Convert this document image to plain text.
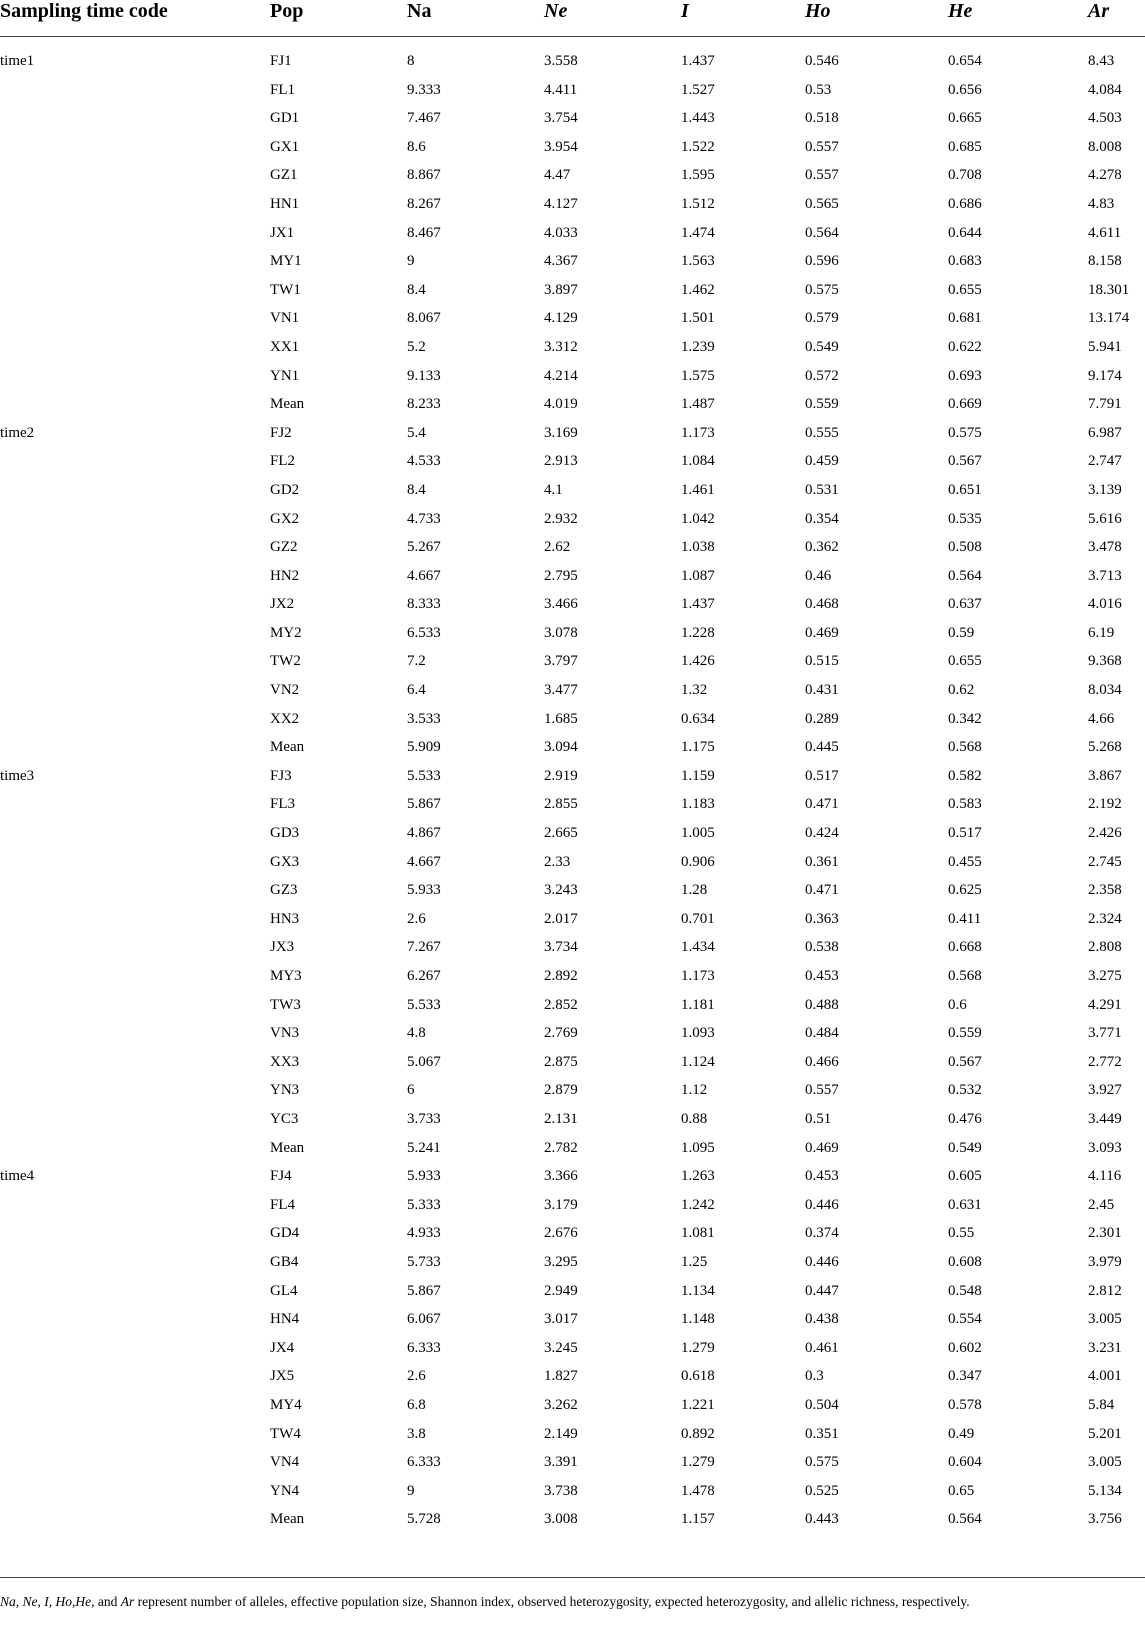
Sampling time code	Pop	Na	Ne	I	Ho	He	Ar
time1	FJ1	8	3.558	1.437	0.546	0.654	8.43
	FL1	9.333	4.411	1.527	0.53	0.656	4.084
	GD1	7.467	3.754	1.443	0.518	0.665	4.503
	GX1	8.6	3.954	1.522	0.557	0.685	8.008
	GZ1	8.867	4.47	1.595	0.557	0.708	4.278
	HN1	8.267	4.127	1.512	0.565	0.686	4.83
	JX1	8.467	4.033	1.474	0.564	0.644	4.611
	MY1	9	4.367	1.563	0.596	0.683	8.158
	TW1	8.4	3.897	1.462	0.575	0.655	18.301
	VN1	8.067	4.129	1.501	0.579	0.681	13.174
	XX1	5.2	3.312	1.239	0.549	0.622	5.941
	YN1	9.133	4.214	1.575	0.572	0.693	9.174
	Mean	8.233	4.019	1.487	0.559	0.669	7.791
time2	FJ2	5.4	3.169	1.173	0.555	0.575	6.987
	FL2	4.533	2.913	1.084	0.459	0.567	2.747
	GD2	8.4	4.1	1.461	0.531	0.651	3.139
	GX2	4.733	2.932	1.042	0.354	0.535	5.616
	GZ2	5.267	2.62	1.038	0.362	0.508	3.478
	HN2	4.667	2.795	1.087	0.46	0.564	3.713
	JX2	8.333	3.466	1.437	0.468	0.637	4.016
	MY2	6.533	3.078	1.228	0.469	0.59	6.19
	TW2	7.2	3.797	1.426	0.515	0.655	9.368
	VN2	6.4	3.477	1.32	0.431	0.62	8.034
	XX2	3.533	1.685	0.634	0.289	0.342	4.66
	Mean	5.909	3.094	1.175	0.445	0.568	5.268
time3	FJ3	5.533	2.919	1.159	0.517	0.582	3.867
	FL3	5.867	2.855	1.183	0.471	0.583	2.192
	GD3	4.867	2.665	1.005	0.424	0.517	2.426
	GX3	4.667	2.33	0.906	0.361	0.455	2.745
	GZ3	5.933	3.243	1.28	0.471	0.625	2.358
	HN3	2.6	2.017	0.701	0.363	0.411	2.324
	JX3	7.267	3.734	1.434	0.538	0.668	2.808
	MY3	6.267	2.892	1.173	0.453	0.568	3.275
	TW3	5.533	2.852	1.181	0.488	0.6	4.291
	VN3	4.8	2.769	1.093	0.484	0.559	3.771
	XX3	5.067	2.875	1.124	0.466	0.567	2.772
	YN3	6	2.879	1.12	0.557	0.532	3.927
	YC3	3.733	2.131	0.88	0.51	0.476	3.449
	Mean	5.241	2.782	1.095	0.469	0.549	3.093
time4	FJ4	5.933	3.366	1.263	0.453	0.605	4.116
	FL4	5.333	3.179	1.242	0.446	0.631	2.45
	GD4	4.933	2.676	1.081	0.374	0.55	2.301
	GB4	5.733	3.295	1.25	0.446	0.608	3.979
	GL4	5.867	2.949	1.134	0.447	0.548	2.812
	HN4	6.067	3.017	1.148	0.438	0.554	3.005
	JX4	6.333	3.245	1.279	0.461	0.602	3.231
	JX5	2.6	1.827	0.618	0.3	0.347	4.001
	MY4	6.8	3.262	1.221	0.504	0.578	5.84
	TW4	3.8	2.149	0.892	0.351	0.49	5.201
	VN4	6.333	3.391	1.279	0.575	0.604	3.005
	YN4	9	3.738	1.478	0.525	0.65	5.134
	Mean	5.728	3.008	1.157	0.443	0.564	3.756
Na, Ne, I, Ho,He, and Ar represent number of alleles, effective population size, Shannon index, observed heterozygosity, expected heterozygosity, and allelic richness, respectively.
